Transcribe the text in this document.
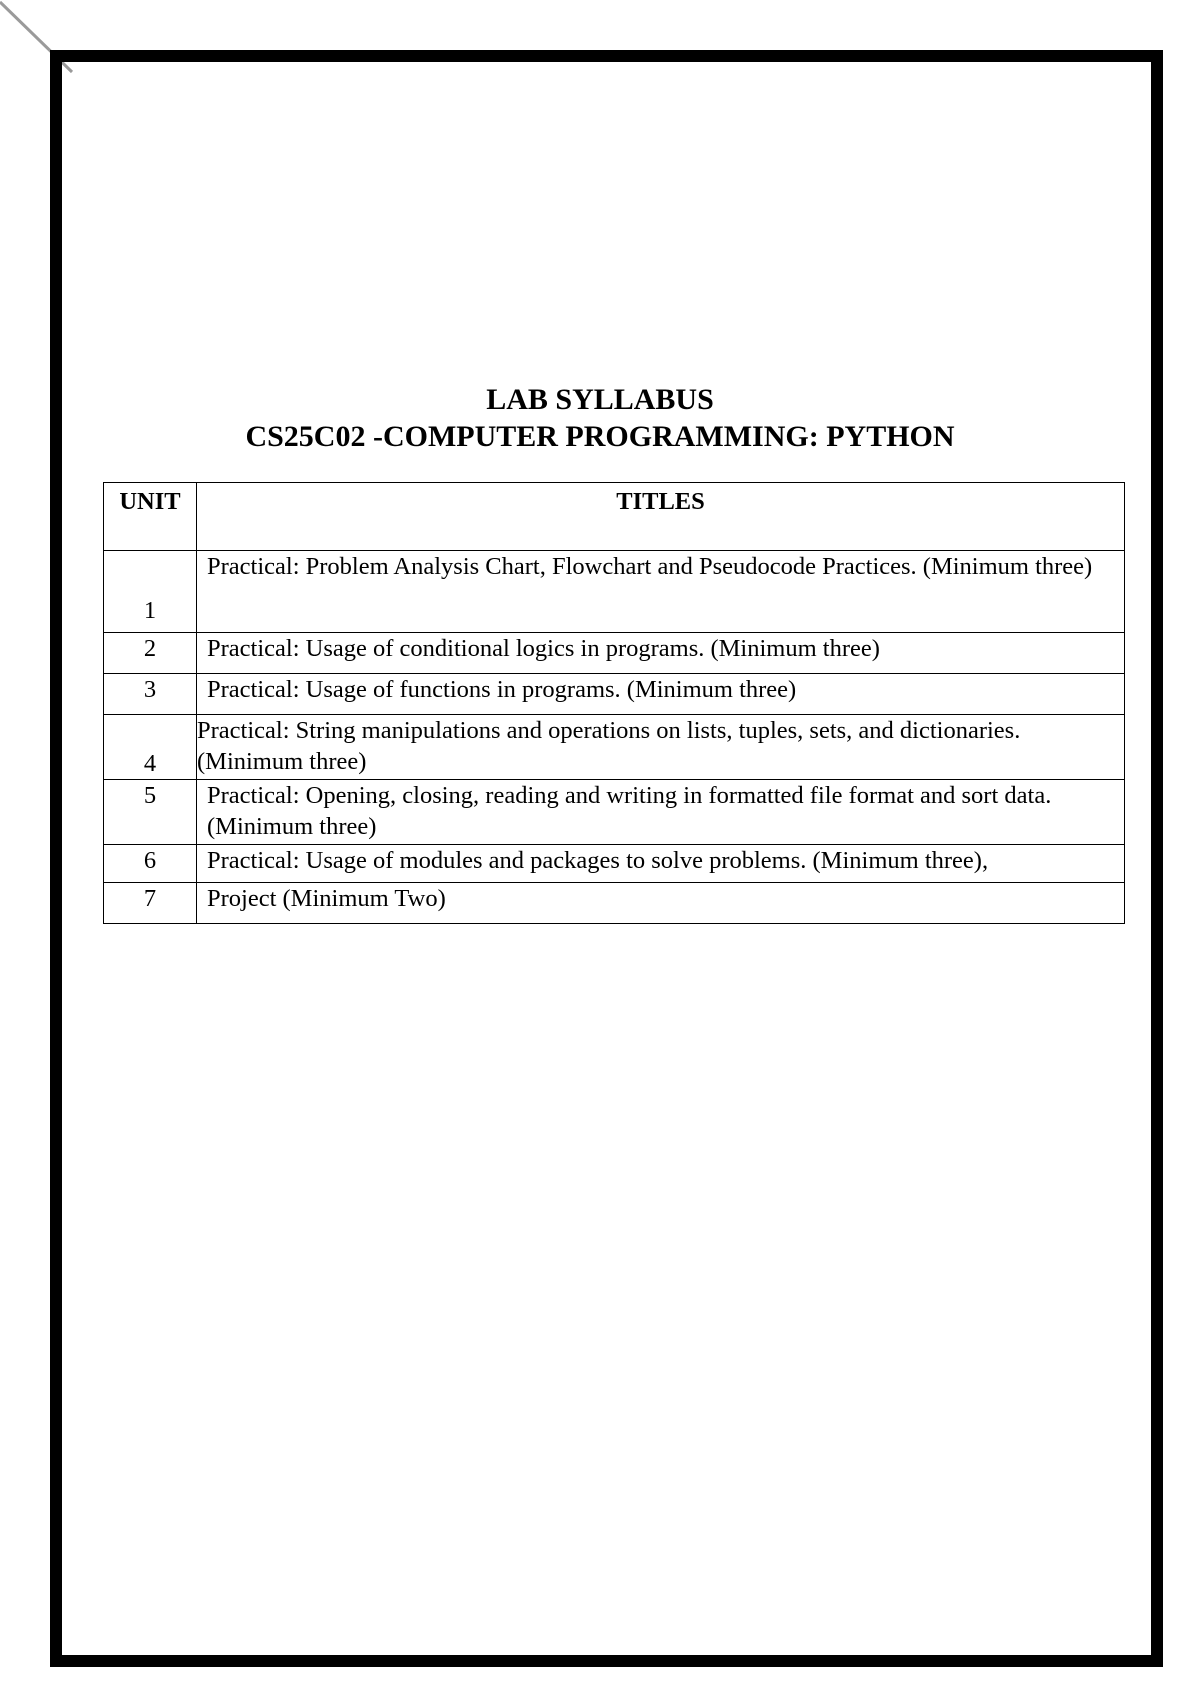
LAB SYLLABUS
CS25C02 -COMPUTER PROGRAMMING: PYTHON
UNIT	TITLES
1	Practical: Problem Analysis Chart, Flowchart and Pseudocode Practices. (Minimum three)
2	Practical: Usage of conditional logics in programs. (Minimum three)
3	Practical: Usage of functions in programs. (Minimum three)
4	Practical: String manipulations and operations on lists, tuples, sets, and dictionaries. (Minimum three)
5	Practical: Opening, closing, reading and writing in formatted file format and sort data. (Minimum three)
6	Practical: Usage of modules and packages to solve problems. (Minimum three),
7	Project (Minimum Two)
